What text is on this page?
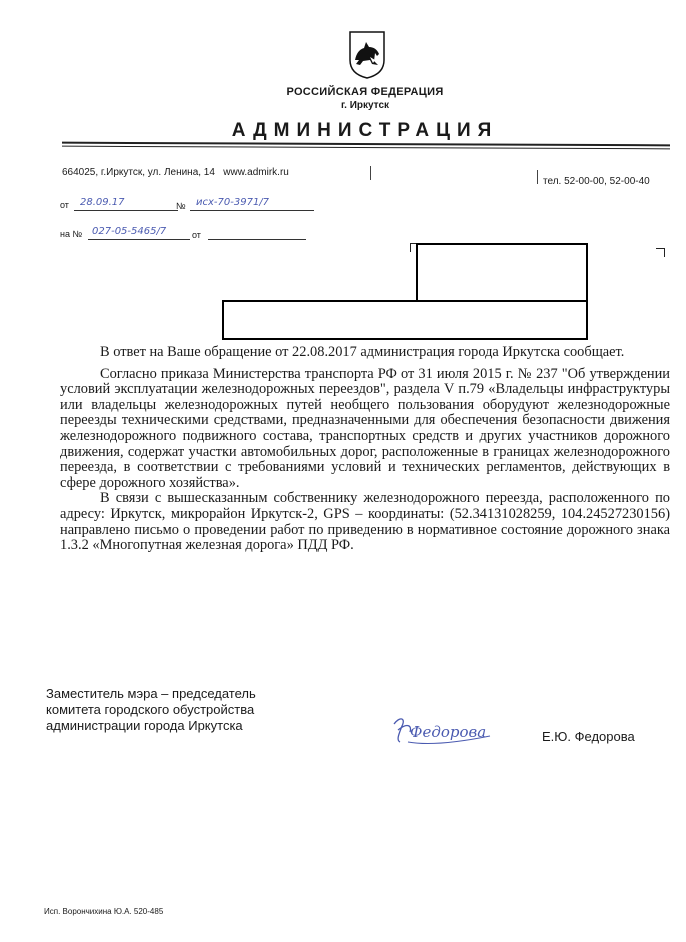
РОССИЙСКАЯ ФЕДЕРАЦИЯ
г. Иркутск
АДМИНИСТРАЦИЯ
664025, г.Иркутск, ул. Ленина, 14 www.admirk.ru
тел. 52-00-00, 52-00-40
от	28.09.17	№	исх-70-3971/7
на № 027-05-5465/7	от

В ответ на Ваше обращение от 22.08.2017 администрация города Иркутска сообщает.

Согласно приказа Министерства транспорта РФ от 31 июля 2015 г. № 237 "Об утверждении условий эксплуатации железнодорожных переездов", раздела V п.79 «Владельцы инфраструктуры или владельцы железнодорожных путей необщего пользования оборудуют железнодорожные переезды техническими средствами, предназначенными для обеспечения безопасности движения железнодорожного подвижного состава, транспортных средств и других участников дорожного движения, содержат участки автомобильных дорог, расположенные в границах железнодорожного переезда, в соответствии с требованиями условий и технических регламентов, действующих в сфере дорожного хозяйства».

В связи с вышесказанным собственнику железнодорожного переезда, расположенного по адресу: Иркутск, микрорайон Иркутск-2, GPS – координаты: (52.34131028259, 104.24527230156) направлено письмо о проведении работ по приведению в нормативное состояние дорожного знака 1.3.2 «Многопутная железная дорога» ПДД РФ.

Заместитель мэра – председатель
комитета городского обустройства
администрации города Иркутска	Федорова	Е.Ю. Федорова
Исп. Ворончихина Ю.А. 520-485
